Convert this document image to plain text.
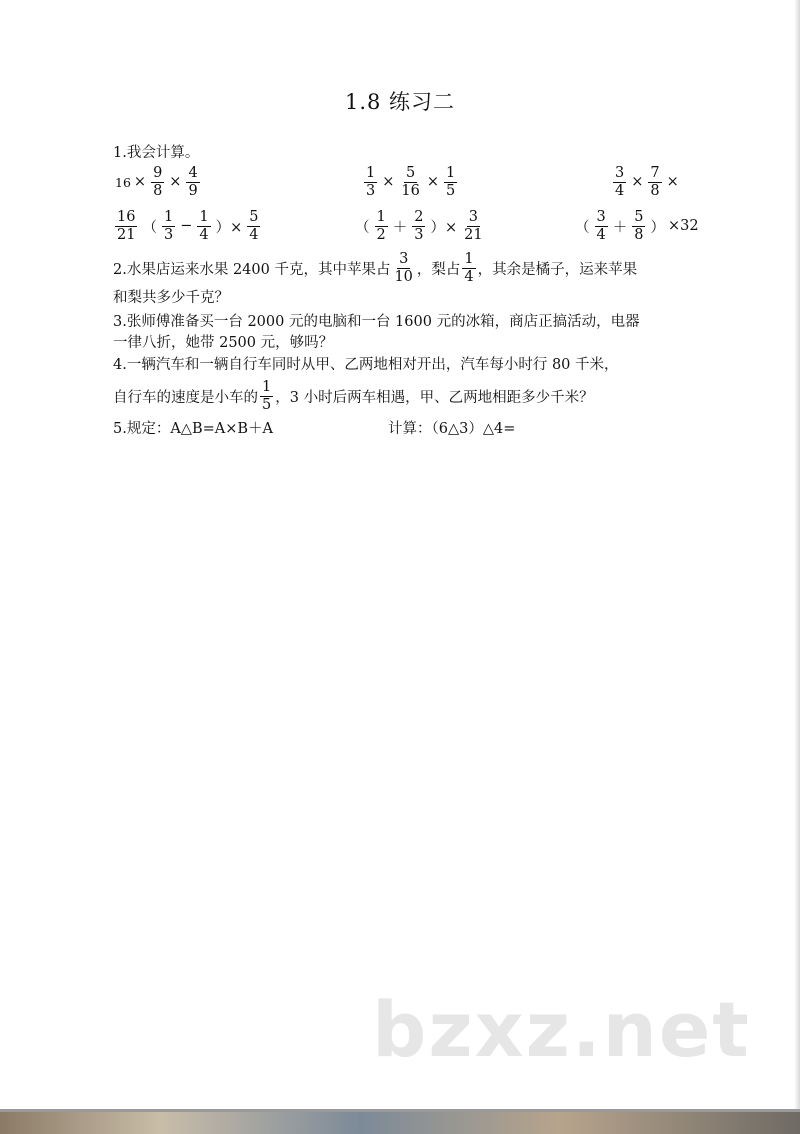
1.8 练习二
1.我会计算。
$16 \times \frac{9}{8} \times \frac{4}{9}$	$\frac{1}{3} \times \frac{5}{16} \times \frac{1}{5}$	$\frac{3}{4} \times \frac{7}{8}$ ×
$\frac{16}{21}$ （ $\frac{1}{3} - \frac{1}{4}$ ）× $\frac{5}{4}$	（ $\frac{1}{2} + \frac{2}{3}$ ）× $\frac{3}{21}$	（ $\frac{3}{4} + \frac{5}{8}$ ） ×32
2.水果店运来水果 2400 千克，其中苹果占 $\frac{3}{10}$ ，梨占 $\frac{1}{4}$ ，其余是橘子，运来苹果
和梨共多少千克？
3.张师傅准备买一台 2000 元的电脑和一台 1600 元的冰箱，商店正搞活动，电器
一律八折，她带 2500 元，够吗？
4.一辆汽车和一辆自行车同时从甲、乙两地相对开出，汽车每小时行 80 千米，
自行车的速度是小车的 $\frac{1}{5}$ ，3 小时后两车相遇，甲、乙两地相距多少千米？
5.规定：A△B=A×B＋A	计算：（6△3）△4=
bzxz.net
